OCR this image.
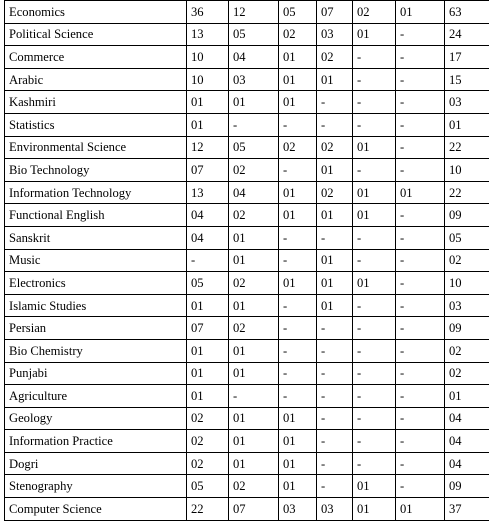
Economics	36	12	05	07	02	01	63
Political Science	13	05	02	03	01	-	24
Commerce	10	04	01	02	-	-	17
Arabic	10	03	01	01	-	-	15
Kashmiri	01	01	01	-	-	-	03
Statistics	01	-	-	-	-	-	01
Environmental Science	12	05	02	02	01	-	22
Bio Technology	07	02	-	01	-	-	10
Information Technology	13	04	01	02	01	01	22
Functional English	04	02	01	01	01	-	09
Sanskrit	04	01	-	-	-	-	05
Music	-	01	-	01	-	-	02
Electronics	05	02	01	01	01	-	10
Islamic Studies	01	01	-	01	-	-	03
Persian	07	02	-	-	-	-	09
Bio Chemistry	01	01	-	-	-	-	02
Punjabi	01	01	-	-	-	-	02
Agriculture	01	-	-	-	-	-	01
Geology	02	01	01	-	-	-	04
Information Practice	02	01	01	-	-	-	04
Dogri	02	01	01	-	-	-	04
Stenography	05	02	01	-	01	-	09
Computer Science	22	07	03	03	01	01	37
